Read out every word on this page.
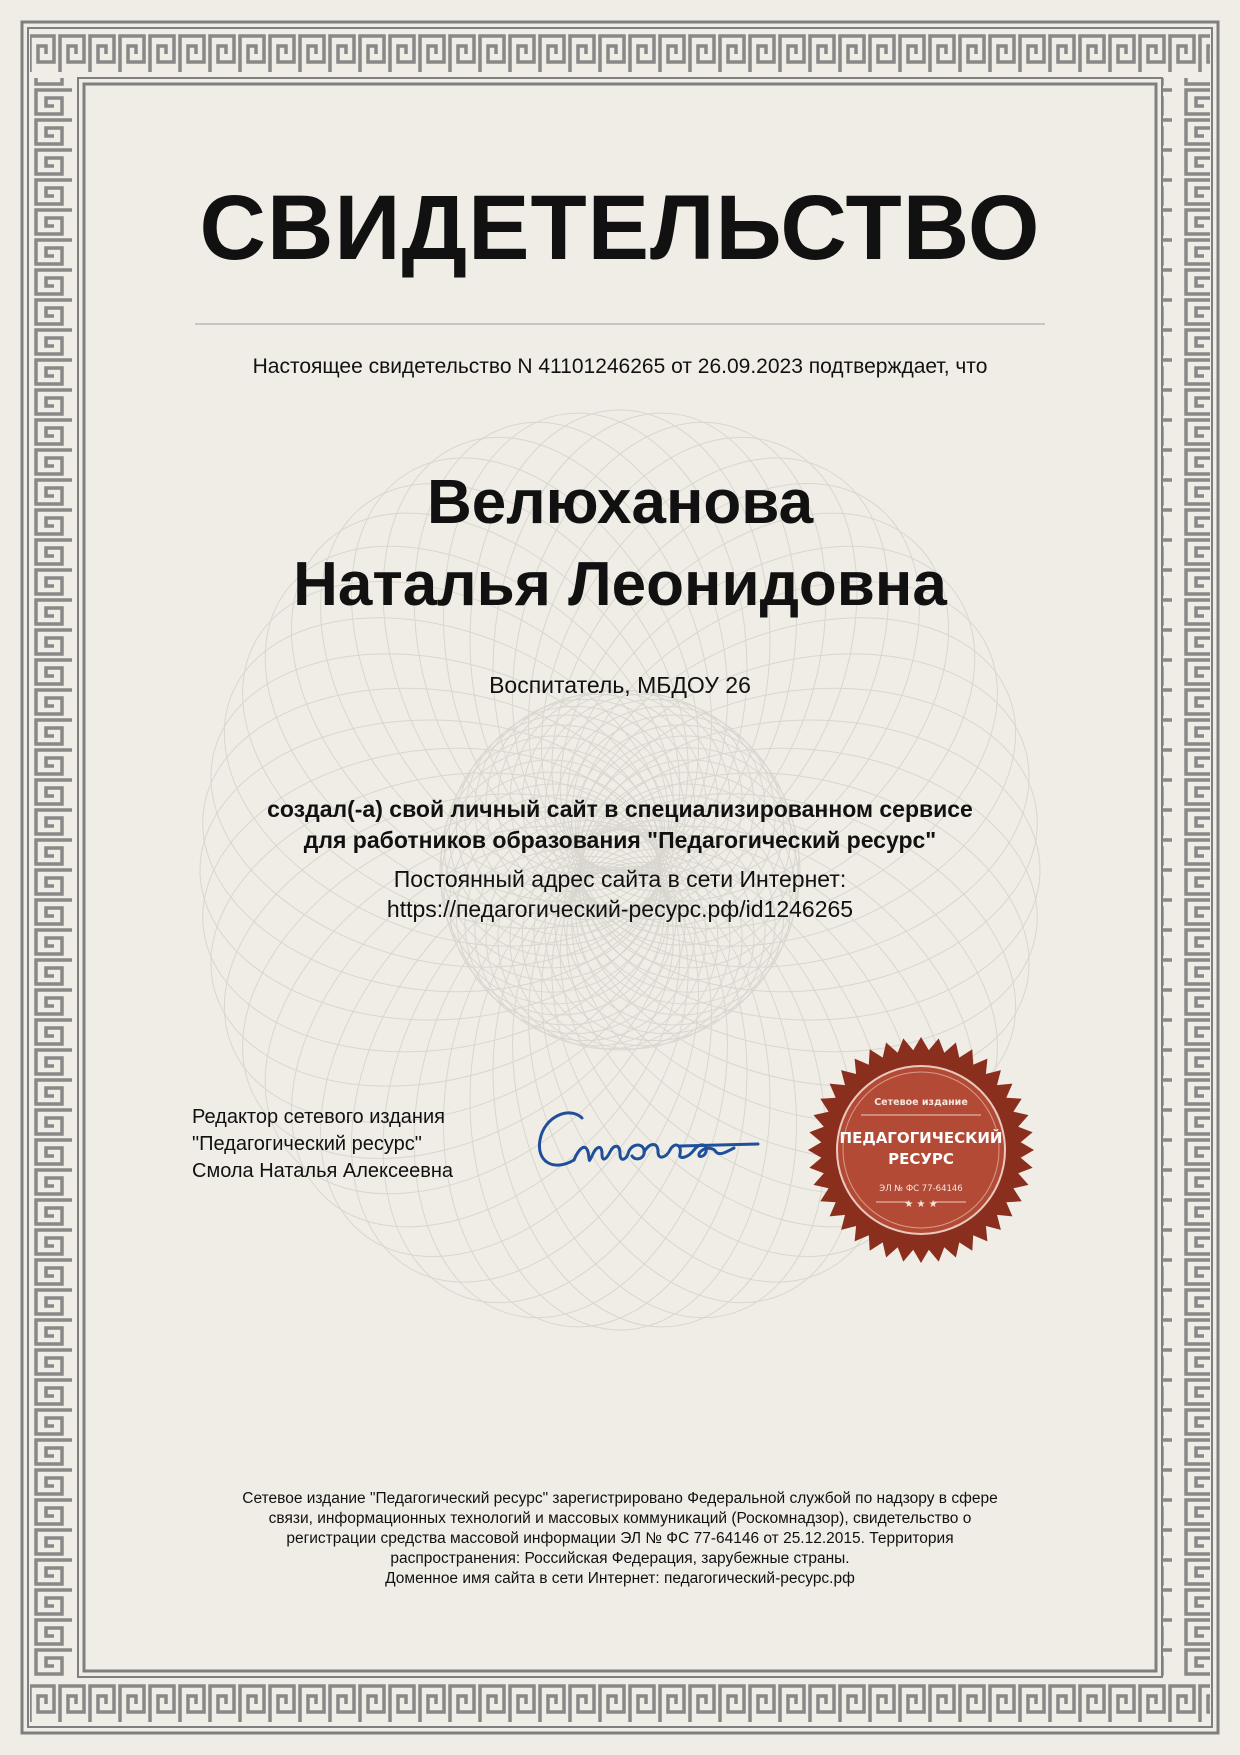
СВИДЕТЕЛЬСТВО
Настоящее свидетельство N 41101246265 от 26.09.2023 подтверждает, что
Велюханова
Наталья Леонидовна
Воспитатель, МБДОУ 26
создал(-а) свой личный сайт в специализированном сервисе
для работников образования "Педагогический ресурс"
Постоянный адрес сайта в сети Интернет:
https://педагогический-ресурс.рф/id1246265
Редактор сетевого издания
"Педагогический ресурс"
Смола Наталья Алексеевна
Сетевое издание
ПЕДАГОГИЧЕСКИЙ
РЕСУРС
ЭЛ № ФС 77-64146
★ ★ ★

Сетевое издание "Педагогический ресурс" зарегистрировано Федеральной службой по надзору в сфере

связи, информационных технологий и массовых коммуникаций (Роскомнадзор), свидетельство о

регистрации средства массовой информации ЭЛ № ФС 77-64146 от 25.12.2015. Территория

распространения: Российская Федерация, зарубежные страны.

Доменное имя сайта в сети Интернет: педагогический-ресурс.рф
